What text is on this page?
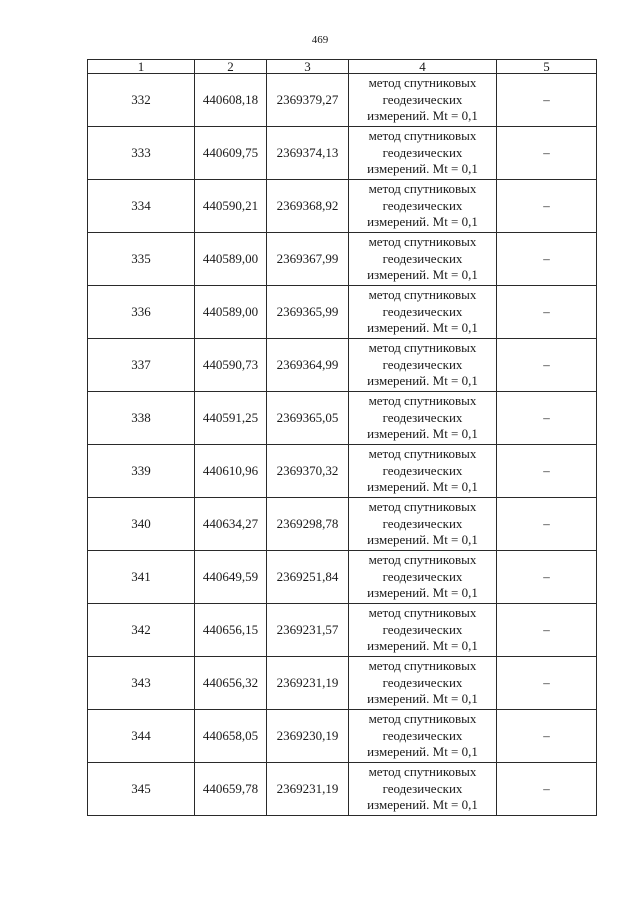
469
1	2	3	4	5
332	440608,18	2369379,27	метод спутниковых
геодезических
измерений. Mt = 0,1	–
333	440609,75	2369374,13	метод спутниковых
геодезических
измерений. Mt = 0,1	–
334	440590,21	2369368,92	метод спутниковых
геодезических
измерений. Mt = 0,1	–
335	440589,00	2369367,99	метод спутниковых
геодезических
измерений. Mt = 0,1	–
336	440589,00	2369365,99	метод спутниковых
геодезических
измерений. Mt = 0,1	–
337	440590,73	2369364,99	метод спутниковых
геодезических
измерений. Mt = 0,1	–
338	440591,25	2369365,05	метод спутниковых
геодезических
измерений. Mt = 0,1	–
339	440610,96	2369370,32	метод спутниковых
геодезических
измерений. Mt = 0,1	–
340	440634,27	2369298,78	метод спутниковых
геодезических
измерений. Mt = 0,1	–
341	440649,59	2369251,84	метод спутниковых
геодезических
измерений. Mt = 0,1	–
342	440656,15	2369231,57	метод спутниковых
геодезических
измерений. Mt = 0,1	–
343	440656,32	2369231,19	метод спутниковых
геодезических
измерений. Mt = 0,1	–
344	440658,05	2369230,19	метод спутниковых
геодезических
измерений. Mt = 0,1	–
345	440659,78	2369231,19	метод спутниковых
геодезических
измерений. Mt = 0,1	–
